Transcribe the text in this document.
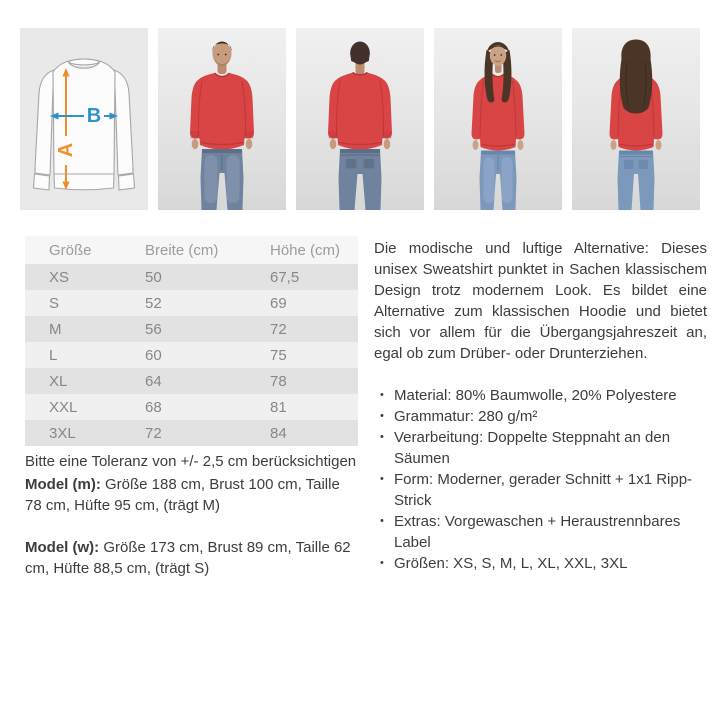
A
B
Größe	Breite (cm)	Höhe (cm)
XS	50	67,5
S	52	69
M	56	72
L	60	75
XL	64	78
XXL	68	81
3XL	72	84

Bitte eine Toleranz von +/- 2,5 cm berücksichtigen

Model (m): Größe 188 cm, Brust 100 cm, Taille 78 cm, Hüfte 95 cm, (trägt M)

Model (w): Größe 173 cm, Brust 89 cm, Taille 62 cm, Hüfte 88,5 cm, (trägt S)

Die modische und luftige Alternative: Dieses unisex Sweatshirt punktet in Sachen klassischem Design trotz modernem Look. Es bildet eine Alternative zum klassischen Hoodie und bietet sich vor allem für die Übergangsjahreszeit an, egal ob zum Drüber- oder Drunterziehen.

• Material: 80% Baumwolle, 20% Polyestere
• Grammatur: 280 g/m²
• Verarbeitung: Doppelte Steppnaht an den Säumen
• Form: Moderner, gerader Schnitt + 1x1 Ripp-Strick
• Extras: Vorgewaschen + Heraustrennbares Label
• Größen: XS, S, M, L, XL, XXL, 3XL
